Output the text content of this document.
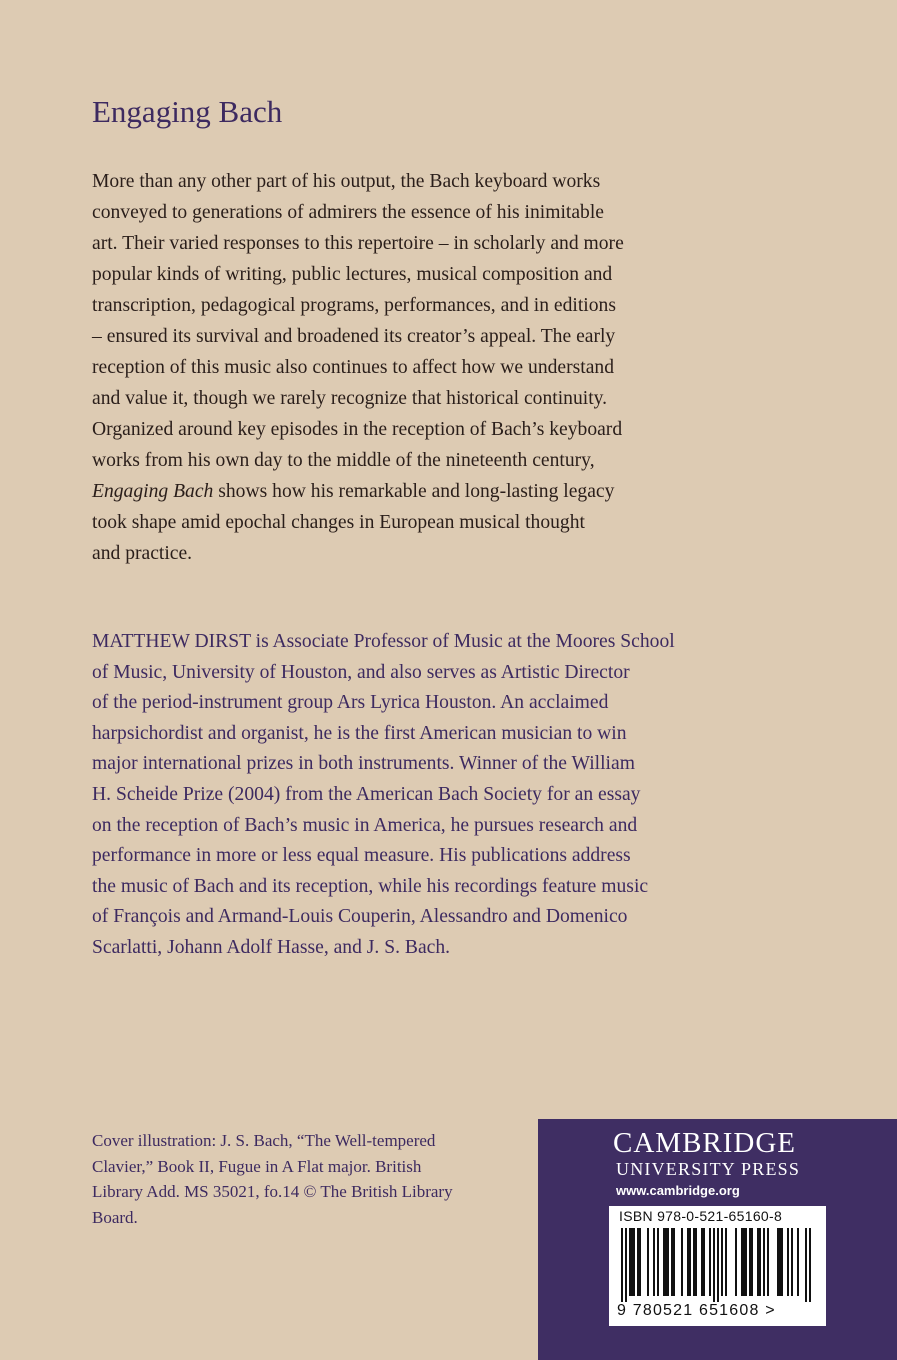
Engaging Bach
More than any other part of his output, the Bach keyboard works
conveyed to generations of admirers the essence of his inimitable
art. Their varied responses to this repertoire – in scholarly and more
popular kinds of writing, public lectures, musical composition and
transcription, pedagogical programs, performances, and in editions
– ensured its survival and broadened its creator’s appeal. The early
reception of this music also continues to affect how we understand
and value it, though we rarely recognize that historical continuity.
Organized around key episodes in the reception of Bach’s keyboard
works from his own day to the middle of the nineteenth century,
Engaging Bach shows how his remarkable and long-lasting legacy
took shape amid epochal changes in European musical thought
and practice.
MATTHEW DIRST is Associate Professor of Music at the Moores School
of Music, University of Houston, and also serves as Artistic Director
of the period-instrument group Ars Lyrica Houston. An acclaimed
harpsichordist and organist, he is the first American musician to win
major international prizes in both instruments. Winner of the William
H. Scheide Prize (2004) from the American Bach Society for an essay
on the reception of Bach’s music in America, he pursues research and
performance in more or less equal measure. His publications address
the music of Bach and its reception, while his recordings feature music
of François and Armand-Louis Couperin, Alessandro and Domenico
Scarlatti, Johann Adolf Hasse, and J. S. Bach.
Cover illustration: J. S. Bach, “The Well-tempered
Clavier,” Book II, Fugue in A Flat major. British
Library Add. MS 35021, fo.14 © The British Library
Board.
CAMBRIDGE
UNIVERSITY PRESS
www.cambridge.org
ISBN 978-0-521-65160-8
9 780521 651608 >
